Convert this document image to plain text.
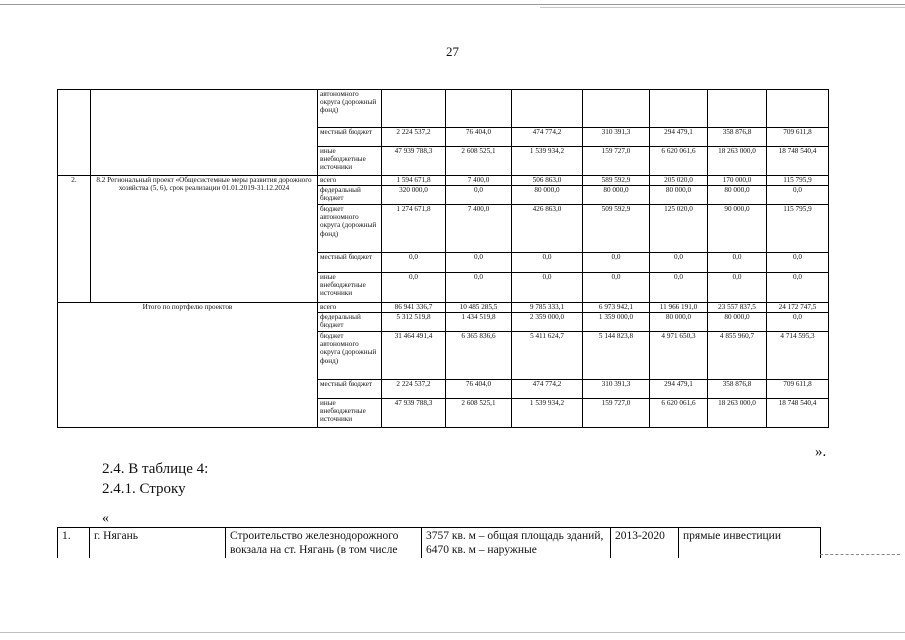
27
		автономного округа (дорожный фонд)							
		местный бюджет	2 224 537,2	76 404,0	474 774,2	310 391,3	294 479,1	358 876,8	709 611,8
		иные внебюджетные источники	47 939 788,3	2 608 525,1	1 539 934,2	159 727,0	6 620 061,6	18 263 000,0	18 748 540,4
2.	8.2 Региональный проект «Общесистемные меры развития дорожного хозяйства (5, 6), срок реализации 01.01.2019-31.12.2024	всего	1 594 671,8	7 400,0	506 863,0	589 592,9	205 020,0	170 000,0	115 795,9
		федеральный бюджет	320 000,0	0,0	80 000,0	80 000,0	80 000,0	80 000,0	0,0
		бюджет автономного округа (дорожный фонд)	1 274 671,8	7 400,0	426 863,0	509 592,9	125 020,0	90 000,0	115 795,9
		местный бюджет	0,0	0,0	0,0	0,0	0,0	0,0	0,0
		иные внебюджетные источники	0,0	0,0	0,0	0,0	0,0	0,0	0,0
Итого по портфелю проектов		всего	86 941 336,7	10 485 285,5	9 785 333,1	6 973 942,1	11 966 191,0	23 557 837,5	24 172 747,5
		федеральный бюджет	5 312 519,8	1 434 519,8	2 359 000,0	1 359 000,0	80 000,0	80 000,0	0,0
		бюджет автономного округа (дорожный фонд)	31 464 491,4	6 365 836,6	5 411 624,7	5 144 823,8	4 971 650,3	4 855 960,7	4 714 595,3
		местный бюджет	2 224 537,2	76 404,0	474 774,2	310 391,3	294 479,1	358 876,8	709 611,8
		иные внебюджетные источники	47 939 788,3	2 608 525,1	1 539 934,2	159 727,0	6 620 061,6	18 263 000,0	18 748 540,4
».
2.4. В таблице 4:
2.4.1. Строку
«
1.	г. Нягань	Строительство железнодорожного вокзала на ст. Нягань (в том числе	3757 кв. м – общая площадь зданий, 6470 кв. м – наружные	2013-2020	прямые инвестиции
